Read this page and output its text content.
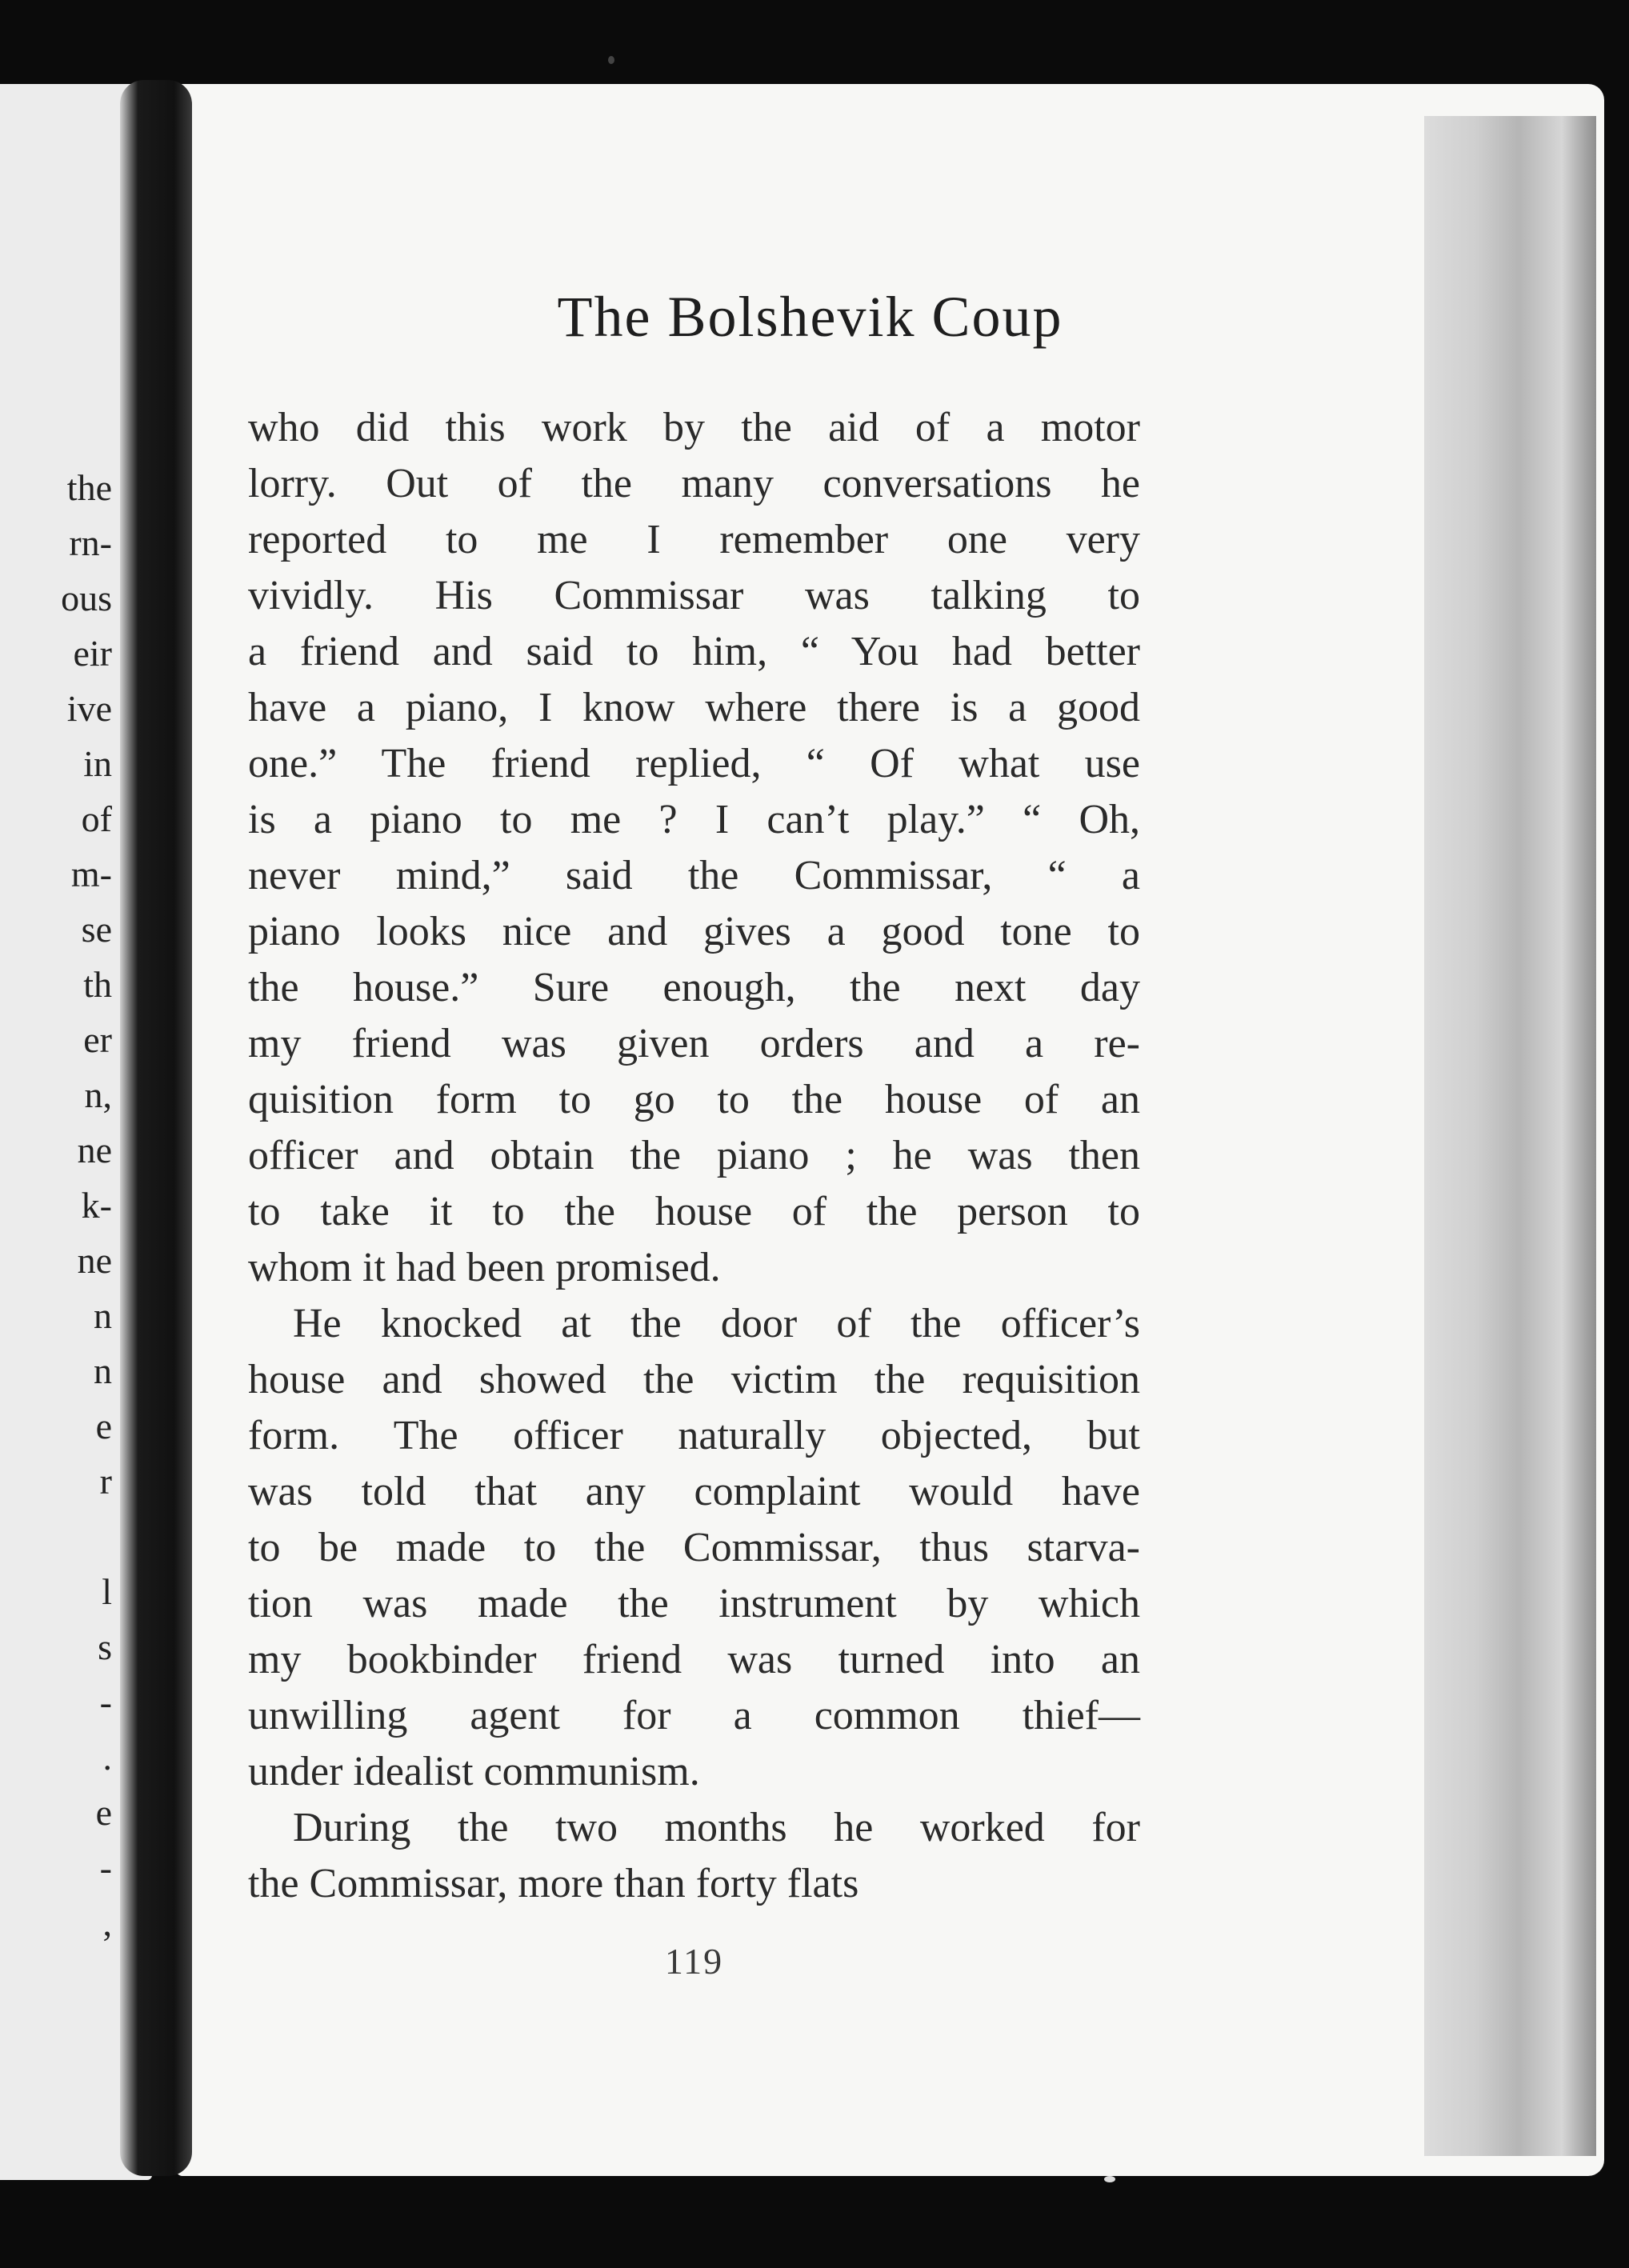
the
rn-
ous
eir
ive
in
of
m-
se
th
er
n,
ne
k-
ne
n
n
e
r
l
s
-
.
e
-
,
The Bolshevik Coup

who did this work by the aid of a motor
lorry. Out of the many conversations he
reported to me I remember one very
vividly. His Commissar was talking to
a friend and said to him, “ You had better
have a piano, I know where there is a good
one.” The friend replied, “ Of what use
is a piano to me ? I can’t play.” “ Oh,
never mind,” said the Commissar, “ a
piano looks nice and gives a good tone to
the house.” Sure enough, the next day
my friend was given orders and a re-
quisition form to go to the house of an
officer and obtain the piano ; he was then
to take it to the house of the person to
whom it had been promised.

He knocked at the door of the officer’s
house and showed the victim the requisition
form. The officer naturally objected, but
was told that any complaint would have
to be made to the Commissar, thus starva-
tion was made the instrument by which
my bookbinder friend was turned into an
unwilling agent for a common thief—
under idealist communism.

During the two months he worked for
the Commissar, more than forty flats

119
